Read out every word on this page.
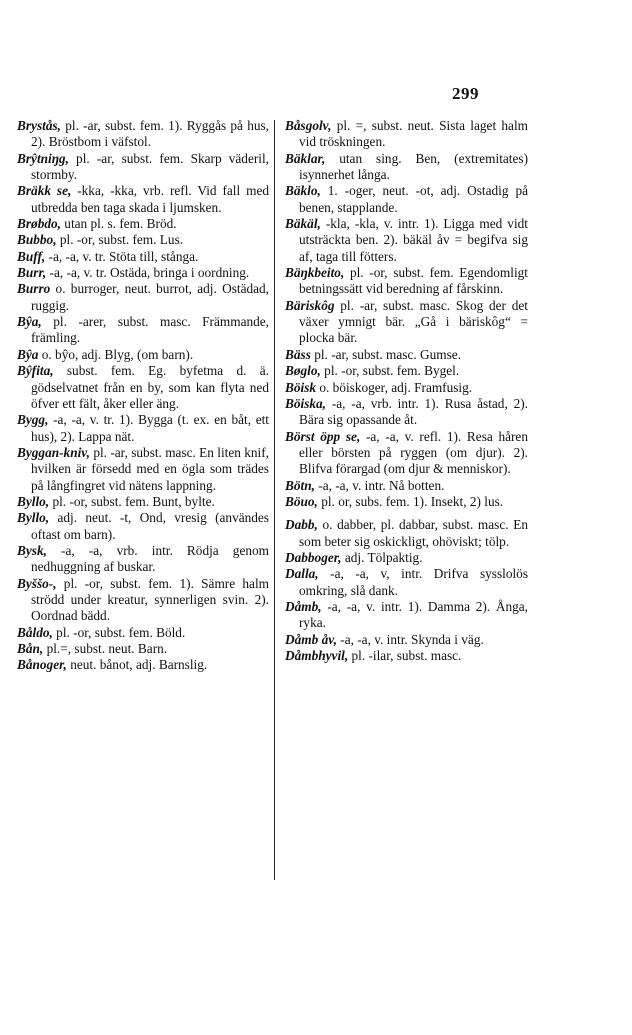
299

Brystås, pl. -ar, subst. fem. 1). Ryggås på hus, 2). Bröstbom i väfstol.

Brŷtniŋg, pl. -ar, subst. fem. Skarp väderil, stormby.

Bräkk se, -kka, -kka, vrb. refl. Vid fall med utbredda ben taga skada i ljumsken.

Brøbdo, utan pl. s. fem. Bröd.

Bubbo, pl. -or, subst. fem. Lus.

Buff, -a, -a, v. tr. Stöta till, stånga.

Burr, -a, -a, v. tr. Ostäda, bringa i oordning.

Burro o. burroger, neut. burrot, adj. Ostädad, ruggig.

Bŷa, pl. -arer, subst. masc. Främmande, främling.

Bŷa o. bŷo, adj. Blyg, (om barn).

Bŷfita, subst. fem. Eg. byfetma d. ä. gödselvatnet från en by, som kan flyta ned öfver ett fält, åker eller äng.

Bygg, -a, -a, v. tr. 1). Bygga (t. ex. en båt, ett hus), 2). Lappa nät.

Byggan-kniv, pl. -ar, subst. masc. En liten knif, hvilken är försedd med en ögla som trädes på långfingret vid nätens lappning.

Byllo, pl. -or, subst. fem. Bunt, bylte.

Byllo, adj. neut. -t, Ond, vresig (användes oftast om barn).

Bysk, -a, -a, vrb. intr. Rödja genom nedhuggning af buskar.

Byššo-, pl. -or, subst. fem. 1). Sämre halm strödd under kreatur, synnerligen svin. 2). Oordnad bädd.

Båldo, pl. -or, subst. fem. Böld.

Bån, pl.=, subst. neut. Barn.

Bånoger, neut. bånot, adj. Barnslig.

Båsgolv, pl. =, subst. neut. Sista laget halm vid tröskningen.

Bäklar, utan sing. Ben, (extremitates) isynnerhet långa.

Bäklo, 1. -oger, neut. -ot, adj. Ostadig på benen, stapplande.

Bäkäl, -kla, -kla, v. intr. 1). Ligga med vidt utsträckta ben. 2). bäkäl åv = begifva sig af, taga till fötters.

Bäŋkbeito, pl. -or, subst. fem. Egendomligt betningssätt vid beredning af fårskinn.

Bäriskôg pl. -ar, subst. masc. Skog der det växer ymnigt bär. „Gå i bäriskôg“ = plocka bär.

Bäss pl. -ar, subst. masc. Gumse.

Bøglo, pl. -or, subst. fem. Bygel.

Böisk o. böiskoger, adj. Framfusig.

Böiska, -a, -a, vrb. intr. 1). Rusa åstad, 2). Bära sig opassande åt.

Börst öpp se, -a, -a, v. refl. 1). Resa håren eller börsten på ryggen (om djur). 2). Blifva förargad (om djur & menniskor).

Bötn, -a, -a, v. intr. Nå botten.

Böuo, pl. or, subs. fem. 1). Insekt, 2) lus.

Dabb, o. dabber, pl. dabbar, subst. masc. En som beter sig oskickligt, ohöviskt; tölp.

Dabboger, adj. Tölpaktig.

Dalla, -a, -a, v, intr. Drifva sysslolös omkring, slå dank.

Dåmb, -a, -a, v. intr. 1). Damma 2). Ånga, ryka.

Dåmb åv, -a, -a, v. intr. Skynda i väg.

Dåmbhyvil, pl. -ilar, subst. masc.
